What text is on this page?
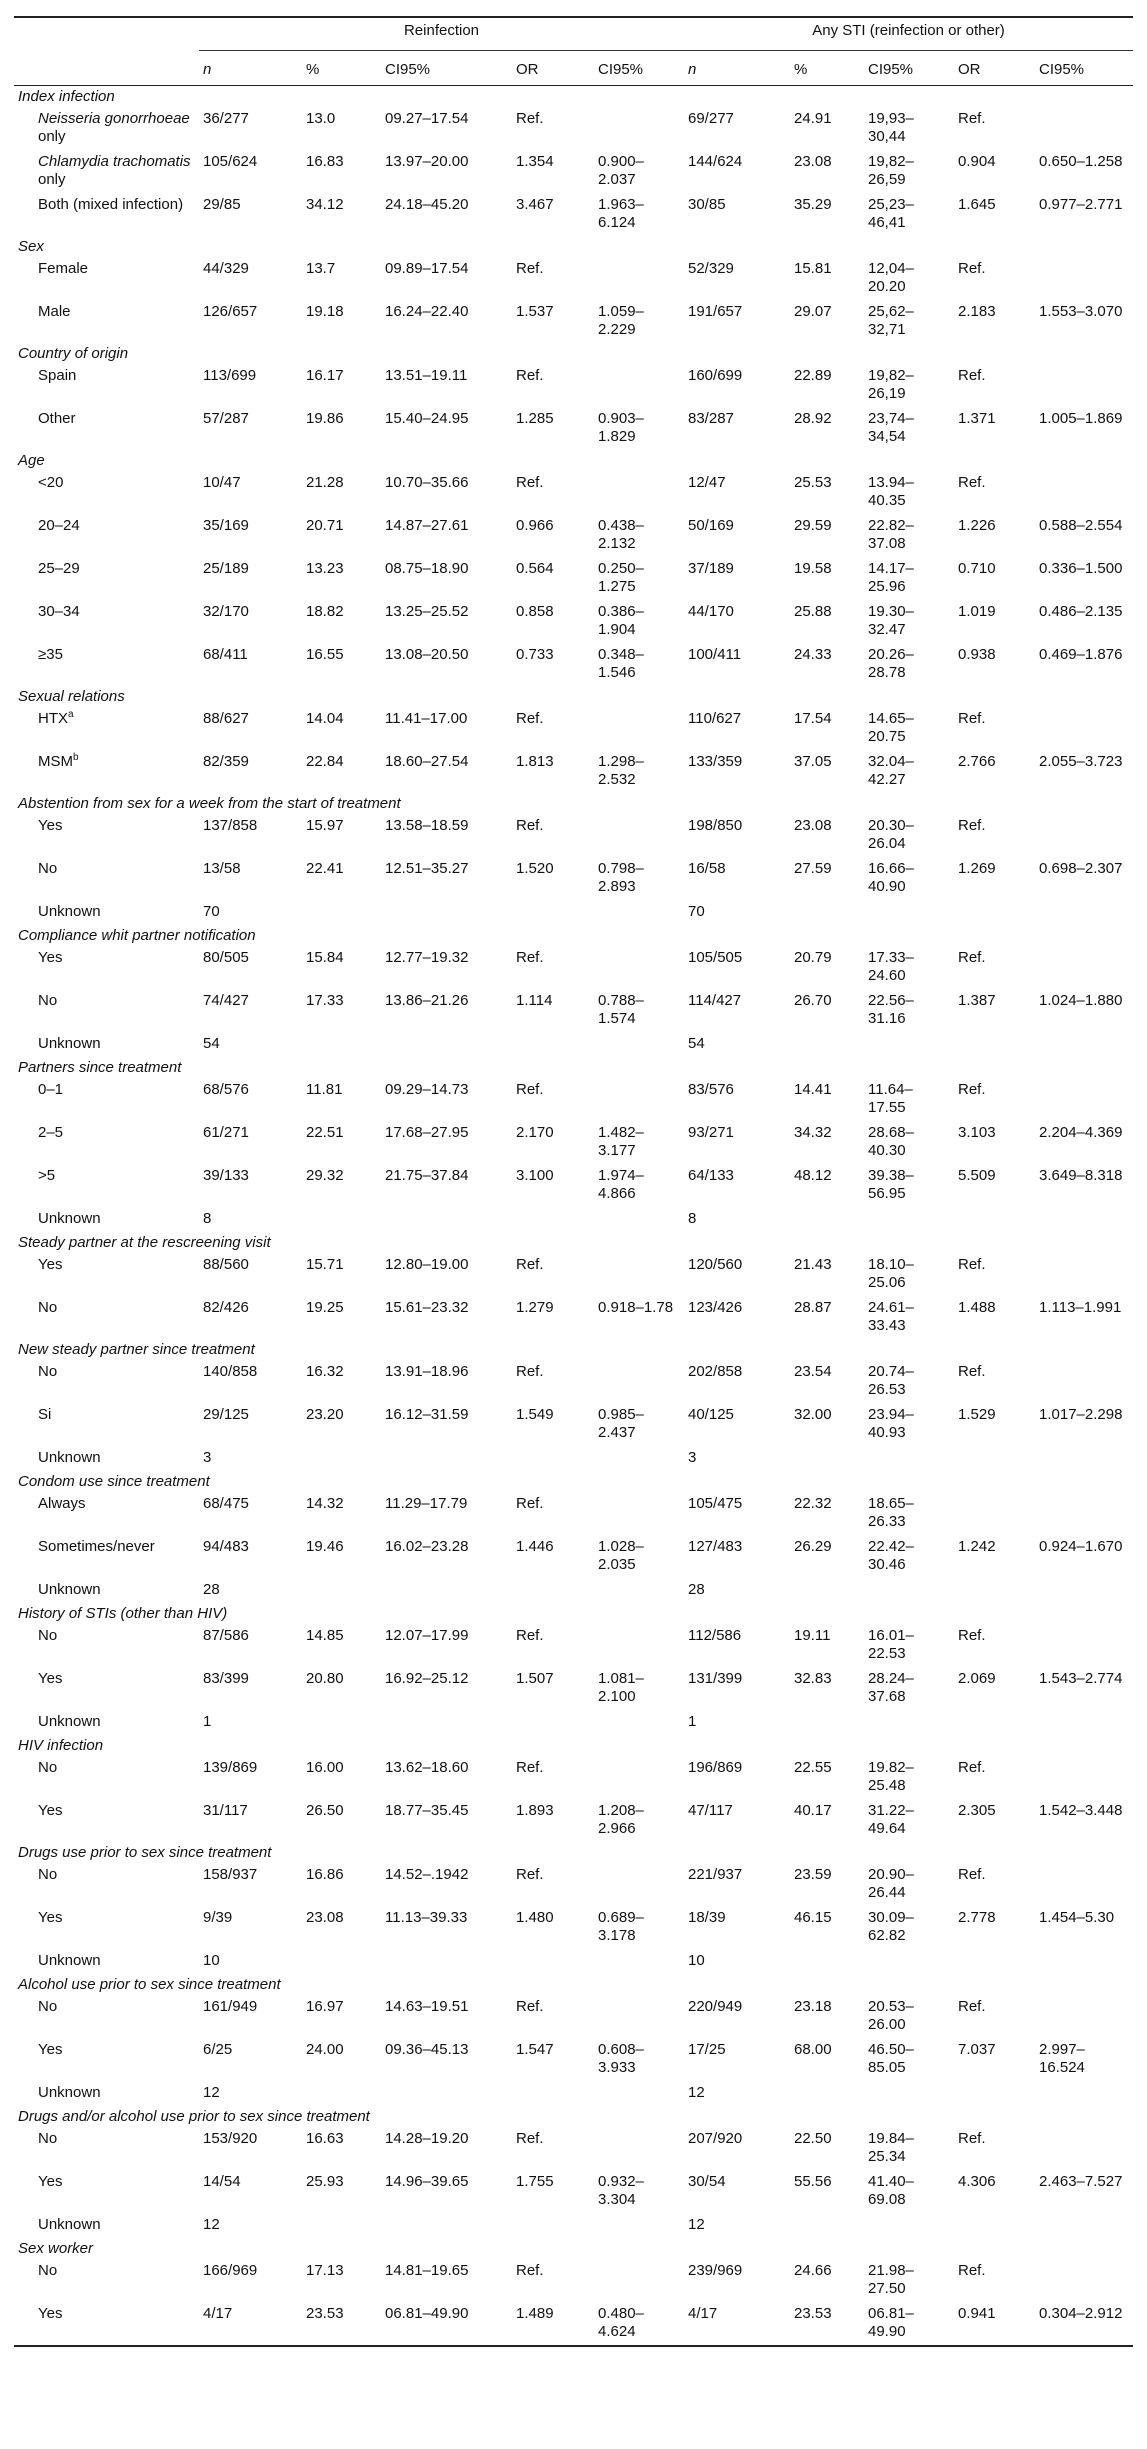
	Reinfection					Any STI (reinfection or other)				
	n	%	CI95%	OR	CI95%	n	%	CI95%	OR	CI95%
Index infection										
Neisseria gonorrhoeae only	36/277	13.0	09.27–17.54	Ref.		69/277	24.91	19,93–30,44	Ref.	
Chlamydia trachomatis only	105/624	16.83	13.97–20.00	1.354	0.900–2.037	144/624	23.08	19,82–26,59	0.904	0.650–1.258
Both (mixed infection)	29/85	34.12	24.18–45.20	3.467	1.963–6.124	30/85	35.29	25,23–46,41	1.645	0.977–2.771
Sex										
Female	44/329	13.7	09.89–17.54	Ref.		52/329	15.81	12,04–20.20	Ref.	
Male	126/657	19.18	16.24–22.40	1.537	1.059–2.229	191/657	29.07	25,62–32,71	2.183	1.553–3.070
Country of origin										
Spain	113/699	16.17	13.51–19.11	Ref.		160/699	22.89	19,82–26,19	Ref.	
Other	57/287	19.86	15.40–24.95	1.285	0.903–1.829	83/287	28.92	23,74–34,54	1.371	1.005–1.869
Age										
<20	10/47	21.28	10.70–35.66	Ref.		12/47	25.53	13.94–40.35	Ref.	
20–24	35/169	20.71	14.87–27.61	0.966	0.438–2.132	50/169	29.59	22.82–37.08	1.226	0.588–2.554
25–29	25/189	13.23	08.75–18.90	0.564	0.250–1.275	37/189	19.58	14.17–25.96	0.710	0.336–1.500
30–34	32/170	18.82	13.25–25.52	0.858	0.386–1.904	44/170	25.88	19.30–32.47	1.019	0.486–2.135
≥35	68/411	16.55	13.08–20.50	0.733	0.348–1.546	100/411	24.33	20.26–28.78	0.938	0.469–1.876
Sexual relations										
HTX$^a$	88/627	14.04	11.41–17.00	Ref.		110/627	17.54	14.65–20.75	Ref.	
MSM$^b$	82/359	22.84	18.60–27.54	1.813	1.298–2.532	133/359	37.05	32.04–42.27	2.766	2.055–3.723
Abstention from sex for a week from the start of treatment										
Yes	137/858	15.97	13.58–18.59	Ref.		198/850	23.08	20.30–26.04	Ref.	
No	13/58	22.41	12.51–35.27	1.520	0.798–2.893	16/58	27.59	16.66–40.90	1.269	0.698–2.307
Unknown	70					70				
Compliance whit partner notification										
Yes	80/505	15.84	12.77–19.32	Ref.		105/505	20.79	17.33–24.60	Ref.	
No	74/427	17.33	13.86–21.26	1.114	0.788–1.574	114/427	26.70	22.56–31.16	1.387	1.024–1.880
Unknown	54					54				
Partners since treatment										
0–1	68/576	11.81	09.29–14.73	Ref.		83/576	14.41	11.64–17.55	Ref.	
2–5	61/271	22.51	17.68–27.95	2.170	1.482–3.177	93/271	34.32	28.68–40.30	3.103	2.204–4.369
>5	39/133	29.32	21.75–37.84	3.100	1.974–4.866	64/133	48.12	39.38–56.95	5.509	3.649–8.318
Unknown	8					8				
Steady partner at the rescreening visit										
Yes	88/560	15.71	12.80–19.00	Ref.		120/560	21.43	18.10–25.06	Ref.	
No	82/426	19.25	15.61–23.32	1.279	0.918–1.78	123/426	28.87	24.61–33.43	1.488	1.113–1.991
New steady partner since treatment										
No	140/858	16.32	13.91–18.96	Ref.		202/858	23.54	20.74–26.53	Ref.	
Si	29/125	23.20	16.12–31.59	1.549	0.985–2.437	40/125	32.00	23.94–40.93	1.529	1.017–2.298
Unknown	3					3				
Condom use since treatment										
Always	68/475	14.32	11.29–17.79	Ref.		105/475	22.32	18.65–26.33		
Sometimes/never	94/483	19.46	16.02–23.28	1.446	1.028–2.035	127/483	26.29	22.42–30.46	1.242	0.924–1.670
Unknown	28					28				
History of STIs (other than HIV)										
No	87/586	14.85	12.07–17.99	Ref.		112/586	19.11	16.01–22.53	Ref.	
Yes	83/399	20.80	16.92–25.12	1.507	1.081–2.100	131/399	32.83	28.24–37.68	2.069	1.543–2.774
Unknown	1					1				
HIV infection										
No	139/869	16.00	13.62–18.60	Ref.		196/869	22.55	19.82–25.48	Ref.	
Yes	31/117	26.50	18.77–35.45	1.893	1.208–2.966	47/117	40.17	31.22–49.64	2.305	1.542–3.448
Drugs use prior to sex since treatment										
No	158/937	16.86	14.52–.1942	Ref.		221/937	23.59	20.90–26.44	Ref.	
Yes	9/39	23.08	11.13–39.33	1.480	0.689–3.178	18/39	46.15	30.09–62.82	2.778	1.454–5.30
Unknown	10					10				
Alcohol use prior to sex since treatment										
No	161/949	16.97	14.63–19.51	Ref.		220/949	23.18	20.53–26.00	Ref.	
Yes	6/25	24.00	09.36–45.13	1.547	0.608–3.933	17/25	68.00	46.50–85.05	7.037	2.997–16.524
Unknown	12					12				
Drugs and/or alcohol use prior to sex since treatment										
No	153/920	16.63	14.28–19.20	Ref.		207/920	22.50	19.84–25.34	Ref.	
Yes	14/54	25.93	14.96–39.65	1.755	0.932–3.304	30/54	55.56	41.40–69.08	4.306	2.463–7.527
Unknown	12					12				
Sex worker										
No	166/969	17.13	14.81–19.65	Ref.		239/969	24.66	21.98–27.50	Ref.	
Yes	4/17	23.53	06.81–49.90	1.489	0.480–4.624	4/17	23.53	06.81–49.90	0.941	0.304–2.912
